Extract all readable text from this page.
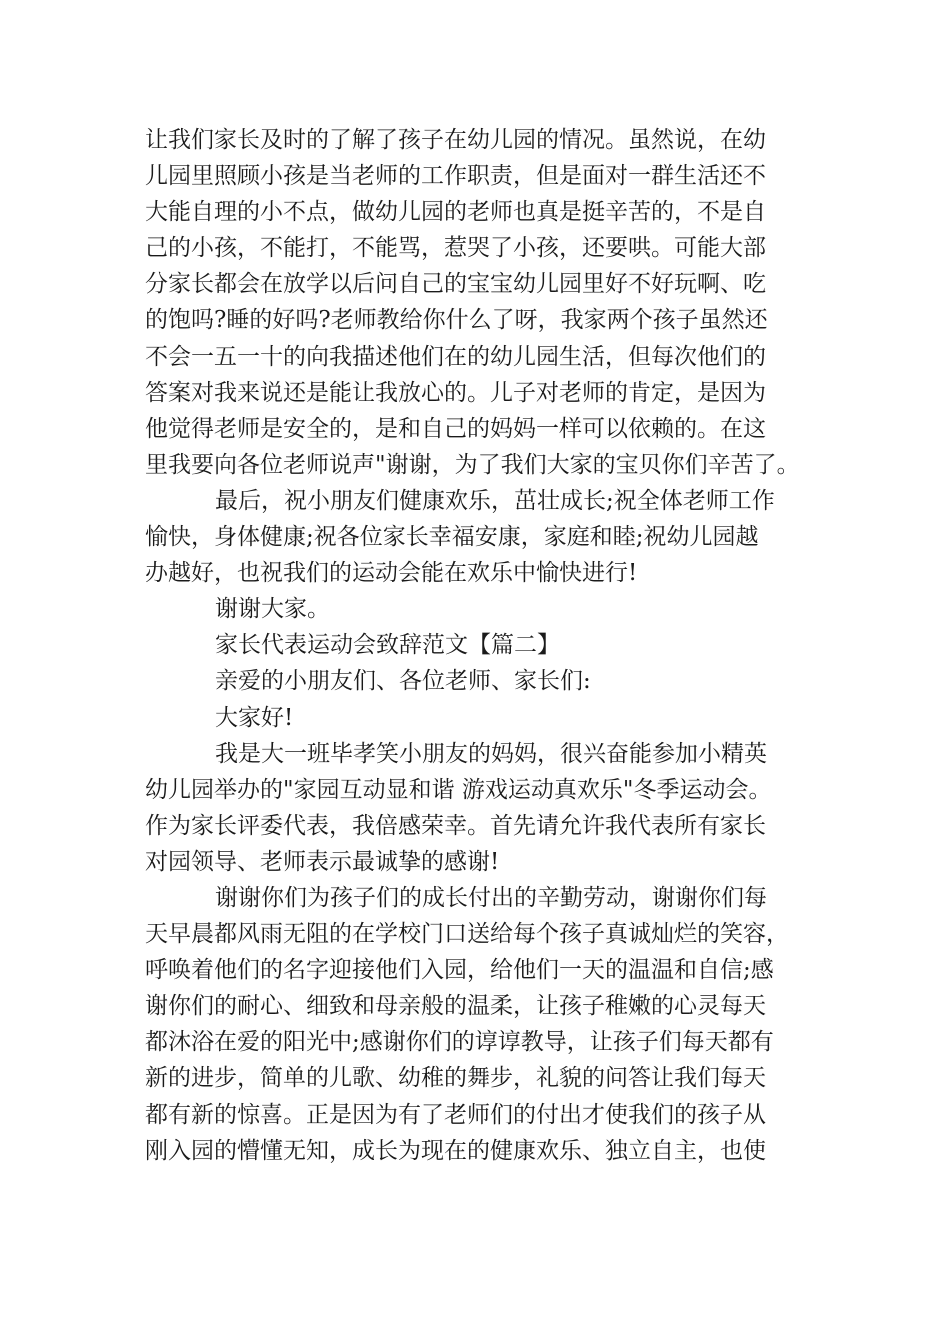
让我们家长及时的了解了孩子在幼儿园的情况。虽然说，在幼
儿园里照顾小孩是当老师的工作职责，但是面对一群生活还不
大能自理的小不点，做幼儿园的老师也真是挺辛苦的，不是自
己的小孩，不能打，不能骂，惹哭了小孩，还要哄。可能大部
分家长都会在放学以后问自己的宝宝幼儿园里好不好玩啊、吃
的饱吗?睡的好吗?老师教给你什么了呀，我家两个孩子虽然还
不会一五一十的向我描述他们在的幼儿园生活，但每次他们的
答案对我来说还是能让我放心的。儿子对老师的肯定，是因为
他觉得老师是安全的，是和自己的妈妈一样可以依赖的。在这
里我要向各位老师说声"谢谢，为了我们大家的宝贝你们辛苦了。
最后，祝小朋友们健康欢乐，茁壮成长;祝全体老师工作
愉快，身体健康;祝各位家长幸福安康，家庭和睦;祝幼儿园越
办越好，也祝我们的运动会能在欢乐中愉快进行!
谢谢大家。
家长代表运动会致辞范文【篇二】
亲爱的小朋友们、各位老师、家长们:
大家好!
我是大一班毕孝笑小朋友的妈妈，很兴奋能参加小精英
幼儿园举办的"家园互动显和谐 游戏运动真欢乐"冬季运动会。
作为家长评委代表，我倍感荣幸。首先请允许我代表所有家长
对园领导、老师表示最诚挚的感谢!
谢谢你们为孩子们的成长付出的辛勤劳动，谢谢你们每
天早晨都风雨无阻的在学校门口送给每个孩子真诚灿烂的笑容，
呼唤着他们的名字迎接他们入园，给他们一天的温温和自信;感
谢你们的耐心、细致和母亲般的温柔，让孩子稚嫩的心灵每天
都沐浴在爱的阳光中;感谢你们的谆谆教导，让孩子们每天都有
新的进步，简单的儿歌、幼稚的舞步，礼貌的问答让我们每天
都有新的惊喜。正是因为有了老师们的付出才使我们的孩子从
刚入园的懵懂无知，成长为现在的健康欢乐、独立自主，也使
